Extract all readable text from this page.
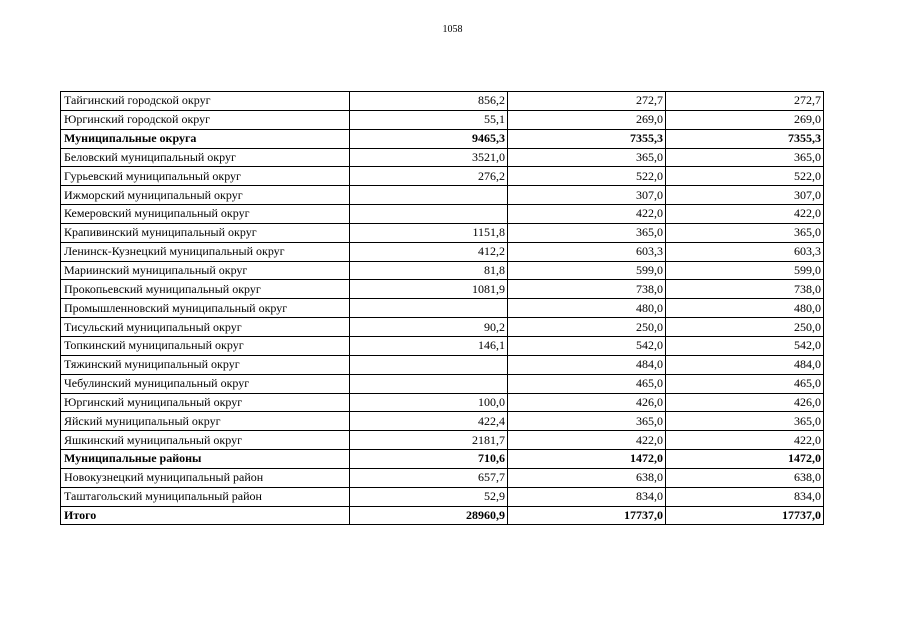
1058
Тайгинский городской округ	856,2	272,7	272,7
Юргинский городской округ	55,1	269,0	269,0
Муниципальные округа	9465,3	7355,3	7355,3
Беловский муниципальный округ	3521,0	365,0	365,0
Гурьевский муниципальный округ	276,2	522,0	522,0
Ижморский муниципальный округ		307,0	307,0
Кемеровский муниципальный округ		422,0	422,0
Крапивинский муниципальный округ	1151,8	365,0	365,0
Ленинск-Кузнецкий муниципальный округ	412,2	603,3	603,3
Мариинский муниципальный округ	81,8	599,0	599,0
Прокопьевский муниципальный округ	1081,9	738,0	738,0
Промышленновский муниципальный округ		480,0	480,0
Тисульский муниципальный округ	90,2	250,0	250,0
Топкинский муниципальный округ	146,1	542,0	542,0
Тяжинский муниципальный округ		484,0	484,0
Чебулинский муниципальный округ		465,0	465,0
Юргинский муниципальный округ	100,0	426,0	426,0
Яйский муниципальный округ	422,4	365,0	365,0
Яшкинский муниципальный округ	2181,7	422,0	422,0
Муниципальные районы	710,6	1472,0	1472,0
Новокузнецкий муниципальный район	657,7	638,0	638,0
Таштагольский муниципальный район	52,9	834,0	834,0
Итого	28960,9	17737,0	17737,0
